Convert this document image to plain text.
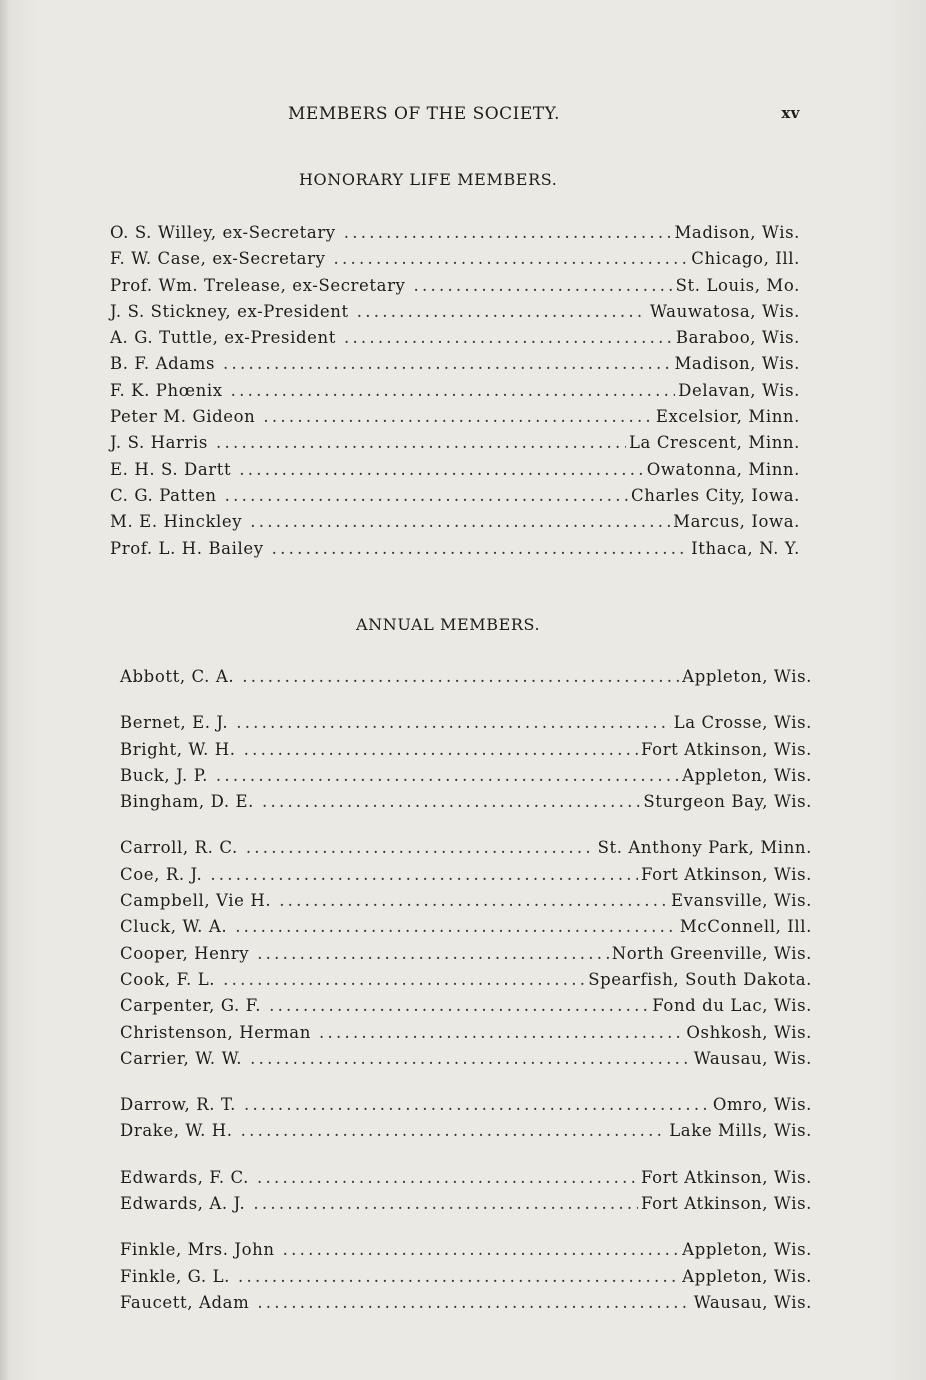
MEMBERS OF THE SOCIETY.	xv
HONORARY LIFE MEMBERS.
O. S. Willey, ex-Secretary . . .	Madison, Wis.
F. W. Case, ex-Secretary . . .	Chicago, Ill.
Prof. Wm. Trelease, ex-Secretary . . .	St. Louis, Mo.
J. S. Stickney, ex-President . . .	Wauwatosa, Wis.
A. G. Tuttle, ex-President . . .	Baraboo, Wis.
B. F. Adams . . .	Madison, Wis.
F. K. Phœnix . . .	Delavan, Wis.
Peter M. Gideon . . .	Excelsior, Minn.
J. S. Harris . . .	La Crescent, Minn.
E. H. S. Dartt . . .	Owatonna, Minn.
C. G. Patten . . .	Charles City, Iowa.
M. E. Hinckley . . .	Marcus, Iowa.
Prof. L. H. Bailey . . .	Ithaca, N. Y.
ANNUAL MEMBERS.
Abbott, C. A. . . .	Appleton, Wis.
Bernet, E. J. . . .	La Crosse, Wis.
Bright, W. H. . . .	Fort Atkinson, Wis.
Buck, J. P. . . .	Appleton, Wis.
Bingham, D. E. . . .	Sturgeon Bay, Wis.
Carroll, R. C. . . .	St. Anthony Park, Minn.
Coe, R. J. . . .	Fort Atkinson, Wis.
Campbell, Vie H. . . .	Evansville, Wis.
Cluck, W. A. . . .	McConnell, Ill.
Cooper, Henry . . .	North Greenville, Wis.
Cook, F. L. . . .	Spearfish, South Dakota.
Carpenter, G. F. . . .	Fond du Lac, Wis.
Christenson, Herman . . .	Oshkosh, Wis.
Carrier, W. W. . . .	Wausau, Wis.
Darrow, R. T. . . .	Omro, Wis.
Drake, W. H. . . .	Lake Mills, Wis.
Edwards, F. C. . . .	Fort Atkinson, Wis.
Edwards, A. J. . . .	Fort Atkinson, Wis.
Finkle, Mrs. John . . .	Appleton, Wis.
Finkle, G. L. . . .	Appleton, Wis.
Faucett, Adam . . .	Wausau, Wis.
